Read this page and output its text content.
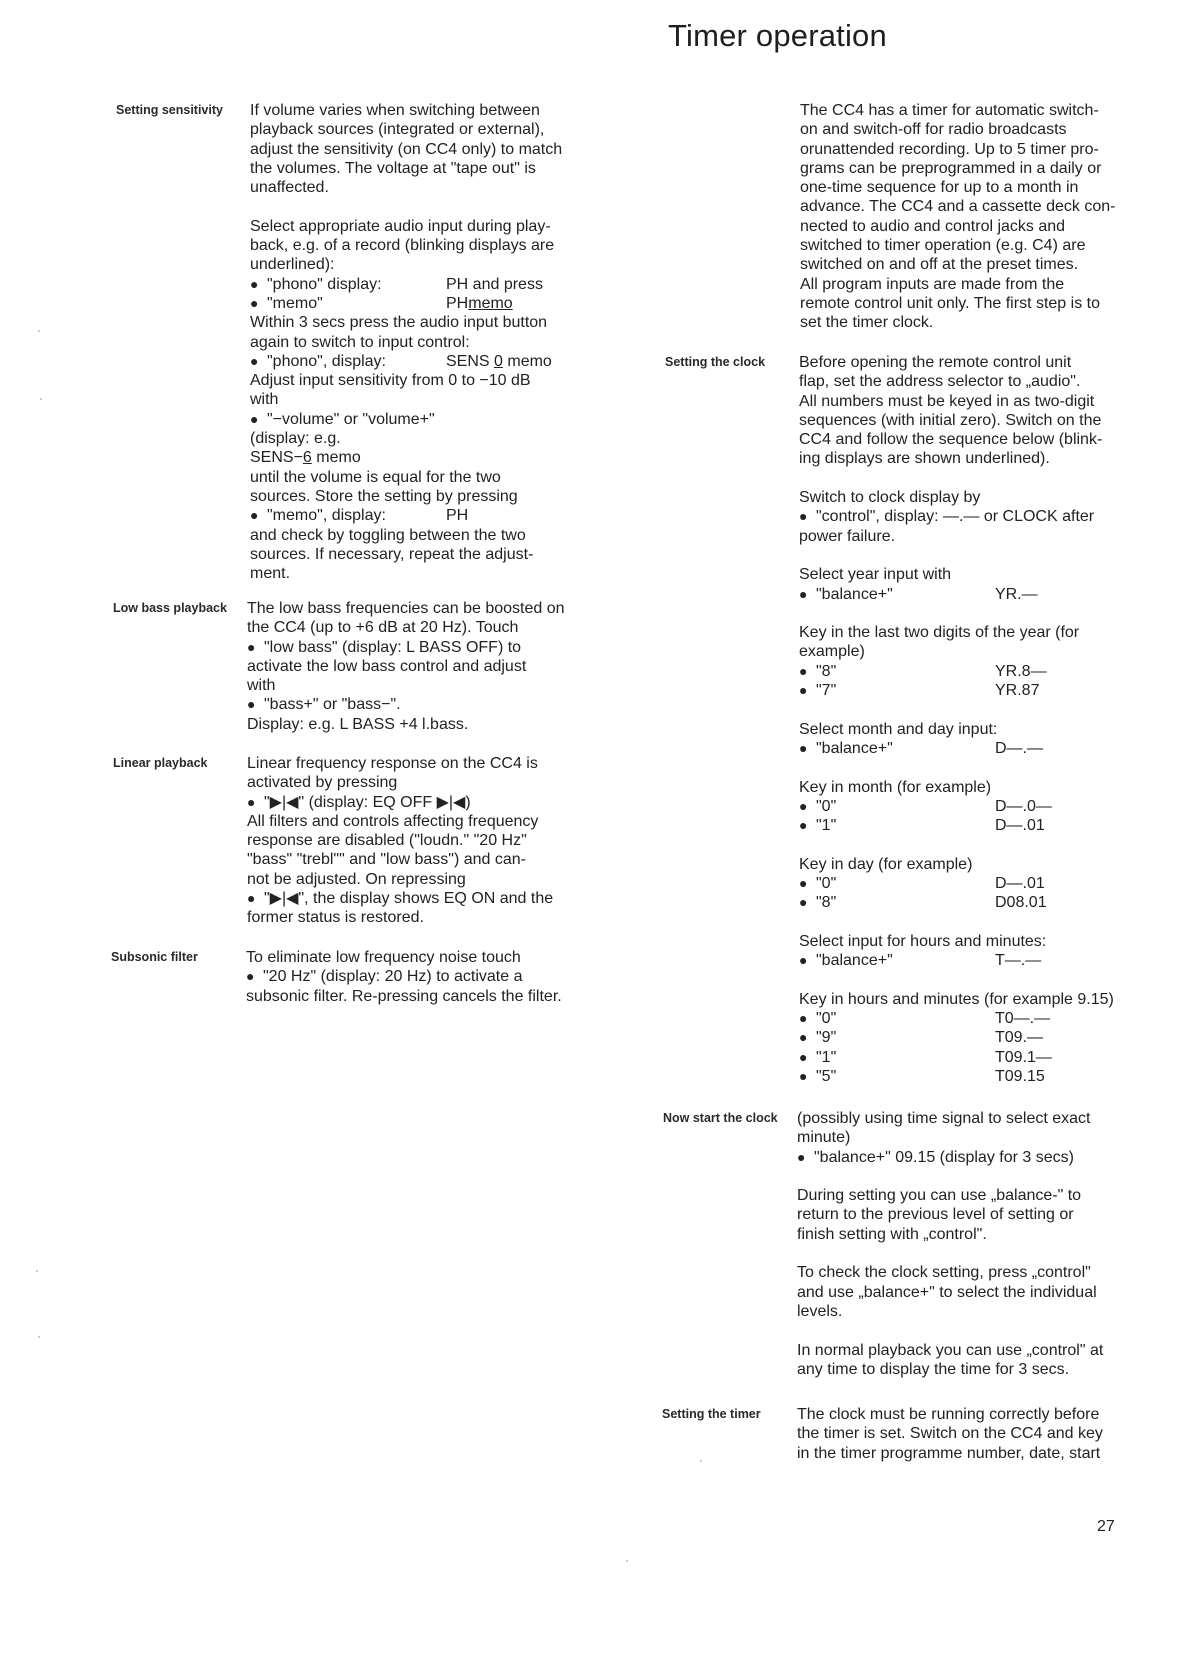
Timer operation
Setting sensitivity If volume varies when switching between
playback sources (integrated or external),
adjust the sensitivity (on CC4 only) to match
the volumes. The voltage at "tape out" is
unaffected.
Select appropriate audio input during play-
back, e.g. of a record (blinking displays are
underlined):
● "phono" display:	PH and press
● "memo"	PHmemo
Within 3 secs press the audio input button
again to switch to input control:
● "phono", display:	SENS 0 memo
Adjust input sensitivity from 0 to −10 dB
with
● "−volume" or "volume+"
(display: e.g.
SENS−6 memo
until the volume is equal for the two
sources. Store the setting by pressing
● "memo", display:	PH
and check by toggling between the two
sources. If necessary, repeat the adjust-
ment.
Low bass playback The low bass frequencies can be boosted on
the CC4 (up to +6 dB at 20 Hz). Touch
● "low bass" (display: L BASS OFF) to
activate the low bass control and adjust
with
● "bass+" or "bass−".
Display: e.g. L BASS +4 l.bass.
Linear playback Linear frequency response on the CC4 is
activated by pressing
● "▶|◀" (display: EQ OFF ▶|◀)
All filters and controls affecting frequency
response are disabled ("loudn." "20 Hz"
"bass" "trebl"" and "low bass") and can-
not be adjusted. On repressing
● "▶|◀", the display shows EQ ON and the
former status is restored.
Subsonic filter	To eliminate low frequency noise touch
● "20 Hz" (display: 20 Hz) to activate a
subsonic filter. Re-pressing cancels the filter.
The CC4 has a timer for automatic switch-
on and switch-off for radio broadcasts
orunattended recording. Up to 5 timer pro-
grams can be preprogrammed in a daily or
one-time sequence for up to a month in
advance. The CC4 and a cassette deck con-
nected to audio and control jacks and
switched to timer operation (e.g. C4) are
switched on and off at the preset times.
All program inputs are made from the
remote control unit only. The first step is to
set the timer clock.
Setting the clock Before opening the remote control unit
flap, set the address selector to „audio".
All numbers must be keyed in as two-digit
sequences (with initial zero). Switch on the
CC4 and follow the sequence below (blink-
ing displays are shown underlined).
Switch to clock display by
● "control", display: —.— or CLOCK after
power failure.
Select year input with
● "balance+"	YR.—
Key in the last two digits of the year (for
example)
● "8"	YR.8—
● "7"	YR.87
Select month and day input:
● "balance+"	D—.—
Key in month (for example)
● "0"	D—.0—
● "1"	D—.01
Key in day (for example)
● "0"	D—.01
● "8"	D08.01
Select input for hours and minutes:
● "balance+"	T—.—
Key in hours and minutes (for example 9.15)
● "0"	T0—.—
● "9"	T09.—
● "1"	T09.1—
● "5"	T09.15
Now start the clock (possibly using time signal to select exact
minute)
● "balance+" 09.15 (display for 3 secs)
During setting you can use „balance-" to
return to the previous level of setting or
finish setting with „control".
To check the clock setting, press „control"
and use „balance+" to select the individual
levels.
In normal playback you can use „control" at
any time to display the time for 3 secs.
Setting the timer The clock must be running correctly before
the timer is set. Switch on the CC4 and key
in the timer programme number, date, start
27
